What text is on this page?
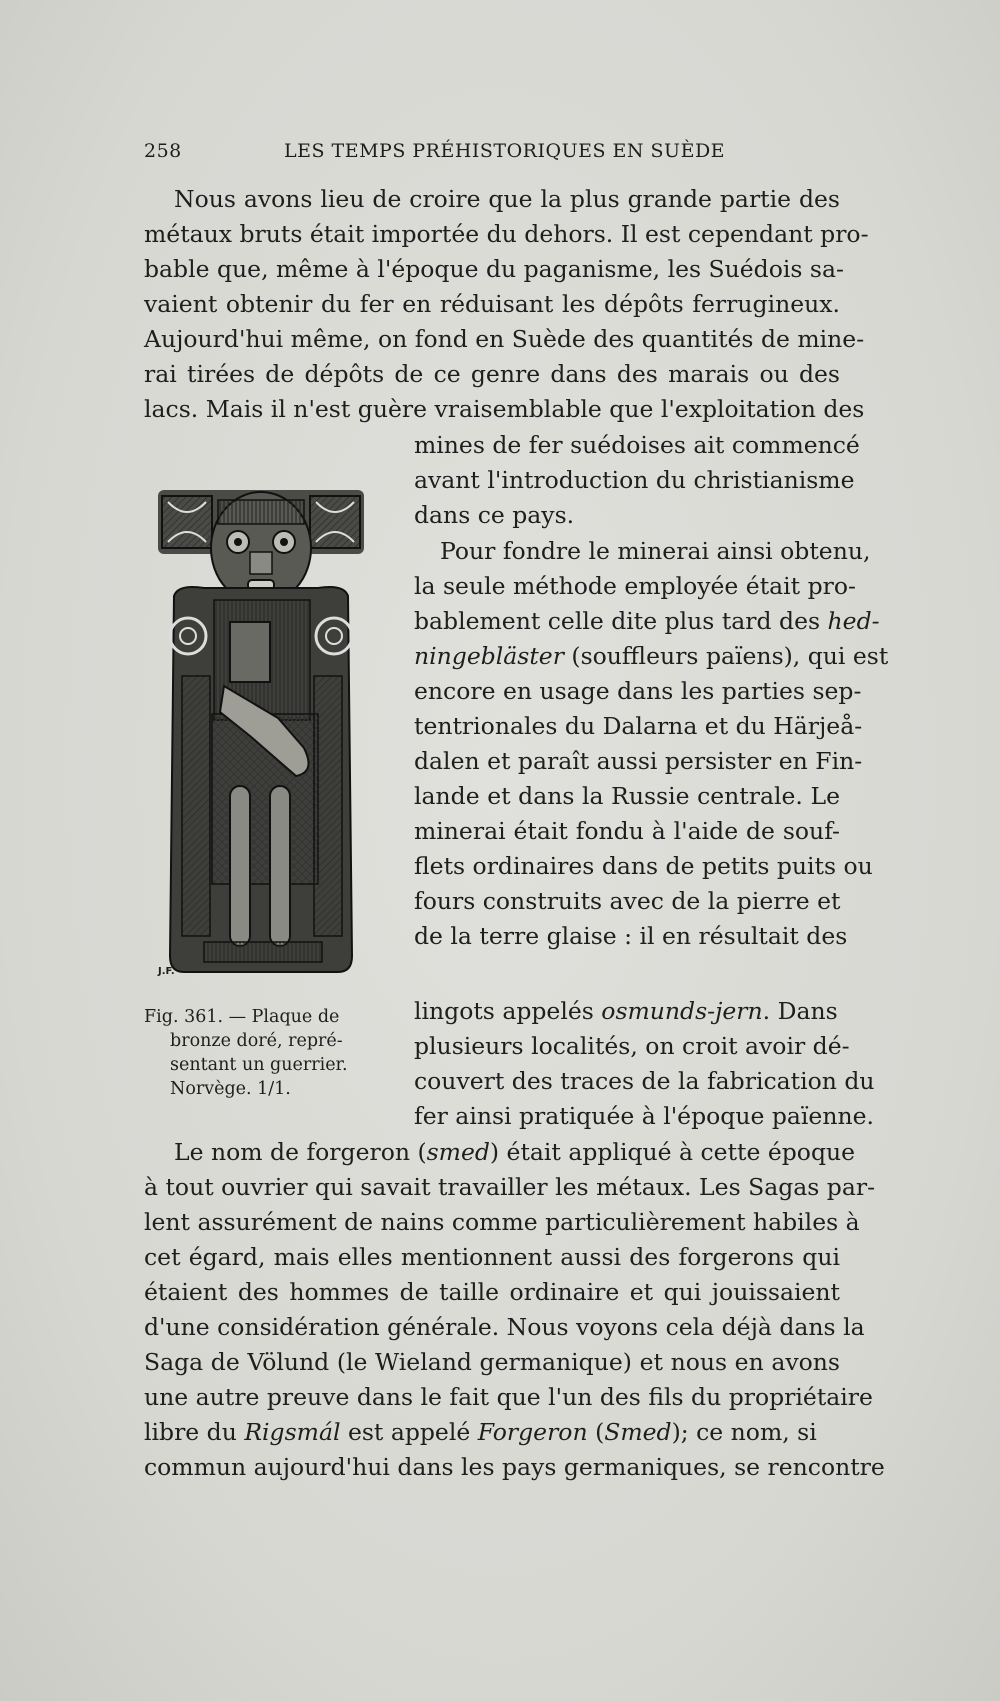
258	LES TEMPS PRÉHISTORIQUES EN SUÈDE
Nous avons lieu de croire que la plus grande partie des
métaux bruts était importée du dehors. Il est cependant pro-
bable que, même à l'époque du paganisme, les Suédois sa-
vaient obtenir du fer en réduisant les dépôts ferrugineux.
Aujourd'hui même, on fond en Suède des quantités de mine-
rai tirées de dépôts de ce genre dans des marais ou des
lacs. Mais il n'est guère vraisemblable que l'exploitation des
mines de fer suédoises ait commencé
avant l'introduction du christianisme
dans ce pays.
Pour fondre le minerai ainsi obtenu,
la seule méthode employée était pro-
bablement celle dite plus tard des hed-
ningebläster (souffleurs païens), qui est
encore en usage dans les parties sep-
tentrionales du Dalarna et du Härjeå-
dalen et paraît aussi persister en Fin-
lande et dans la Russie centrale. Le
minerai était fondu à l'aide de souf-
flets ordinaires dans de petits puits ou
fours construits avec de la pierre et
de la terre glaise : il en résultait des
lingots appelés osmunds-jern. Dans
plusieurs localités, on croit avoir dé-
couvert des traces de la fabrication du
fer ainsi pratiquée à l'époque païenne.
J.F.
Fig. 361. — Plaque de
bronze doré, repré-
sentant un guerrier.
Norvège. 1/1.
Le nom de forgeron (smed) était appliqué à cette époque
à tout ouvrier qui savait travailler les métaux. Les Sagas par-
lent assurément de nains comme particulièrement habiles à
cet égard, mais elles mentionnent aussi des forgerons qui
étaient des hommes de taille ordinaire et qui jouissaient
d'une considération générale. Nous voyons cela déjà dans la
Saga de Völund (le Wieland germanique) et nous en avons
une autre preuve dans le fait que l'un des fils du propriétaire
libre du Rigsmál est appelé Forgeron (Smed); ce nom, si
commun aujourd'hui dans les pays germaniques, se rencontre
